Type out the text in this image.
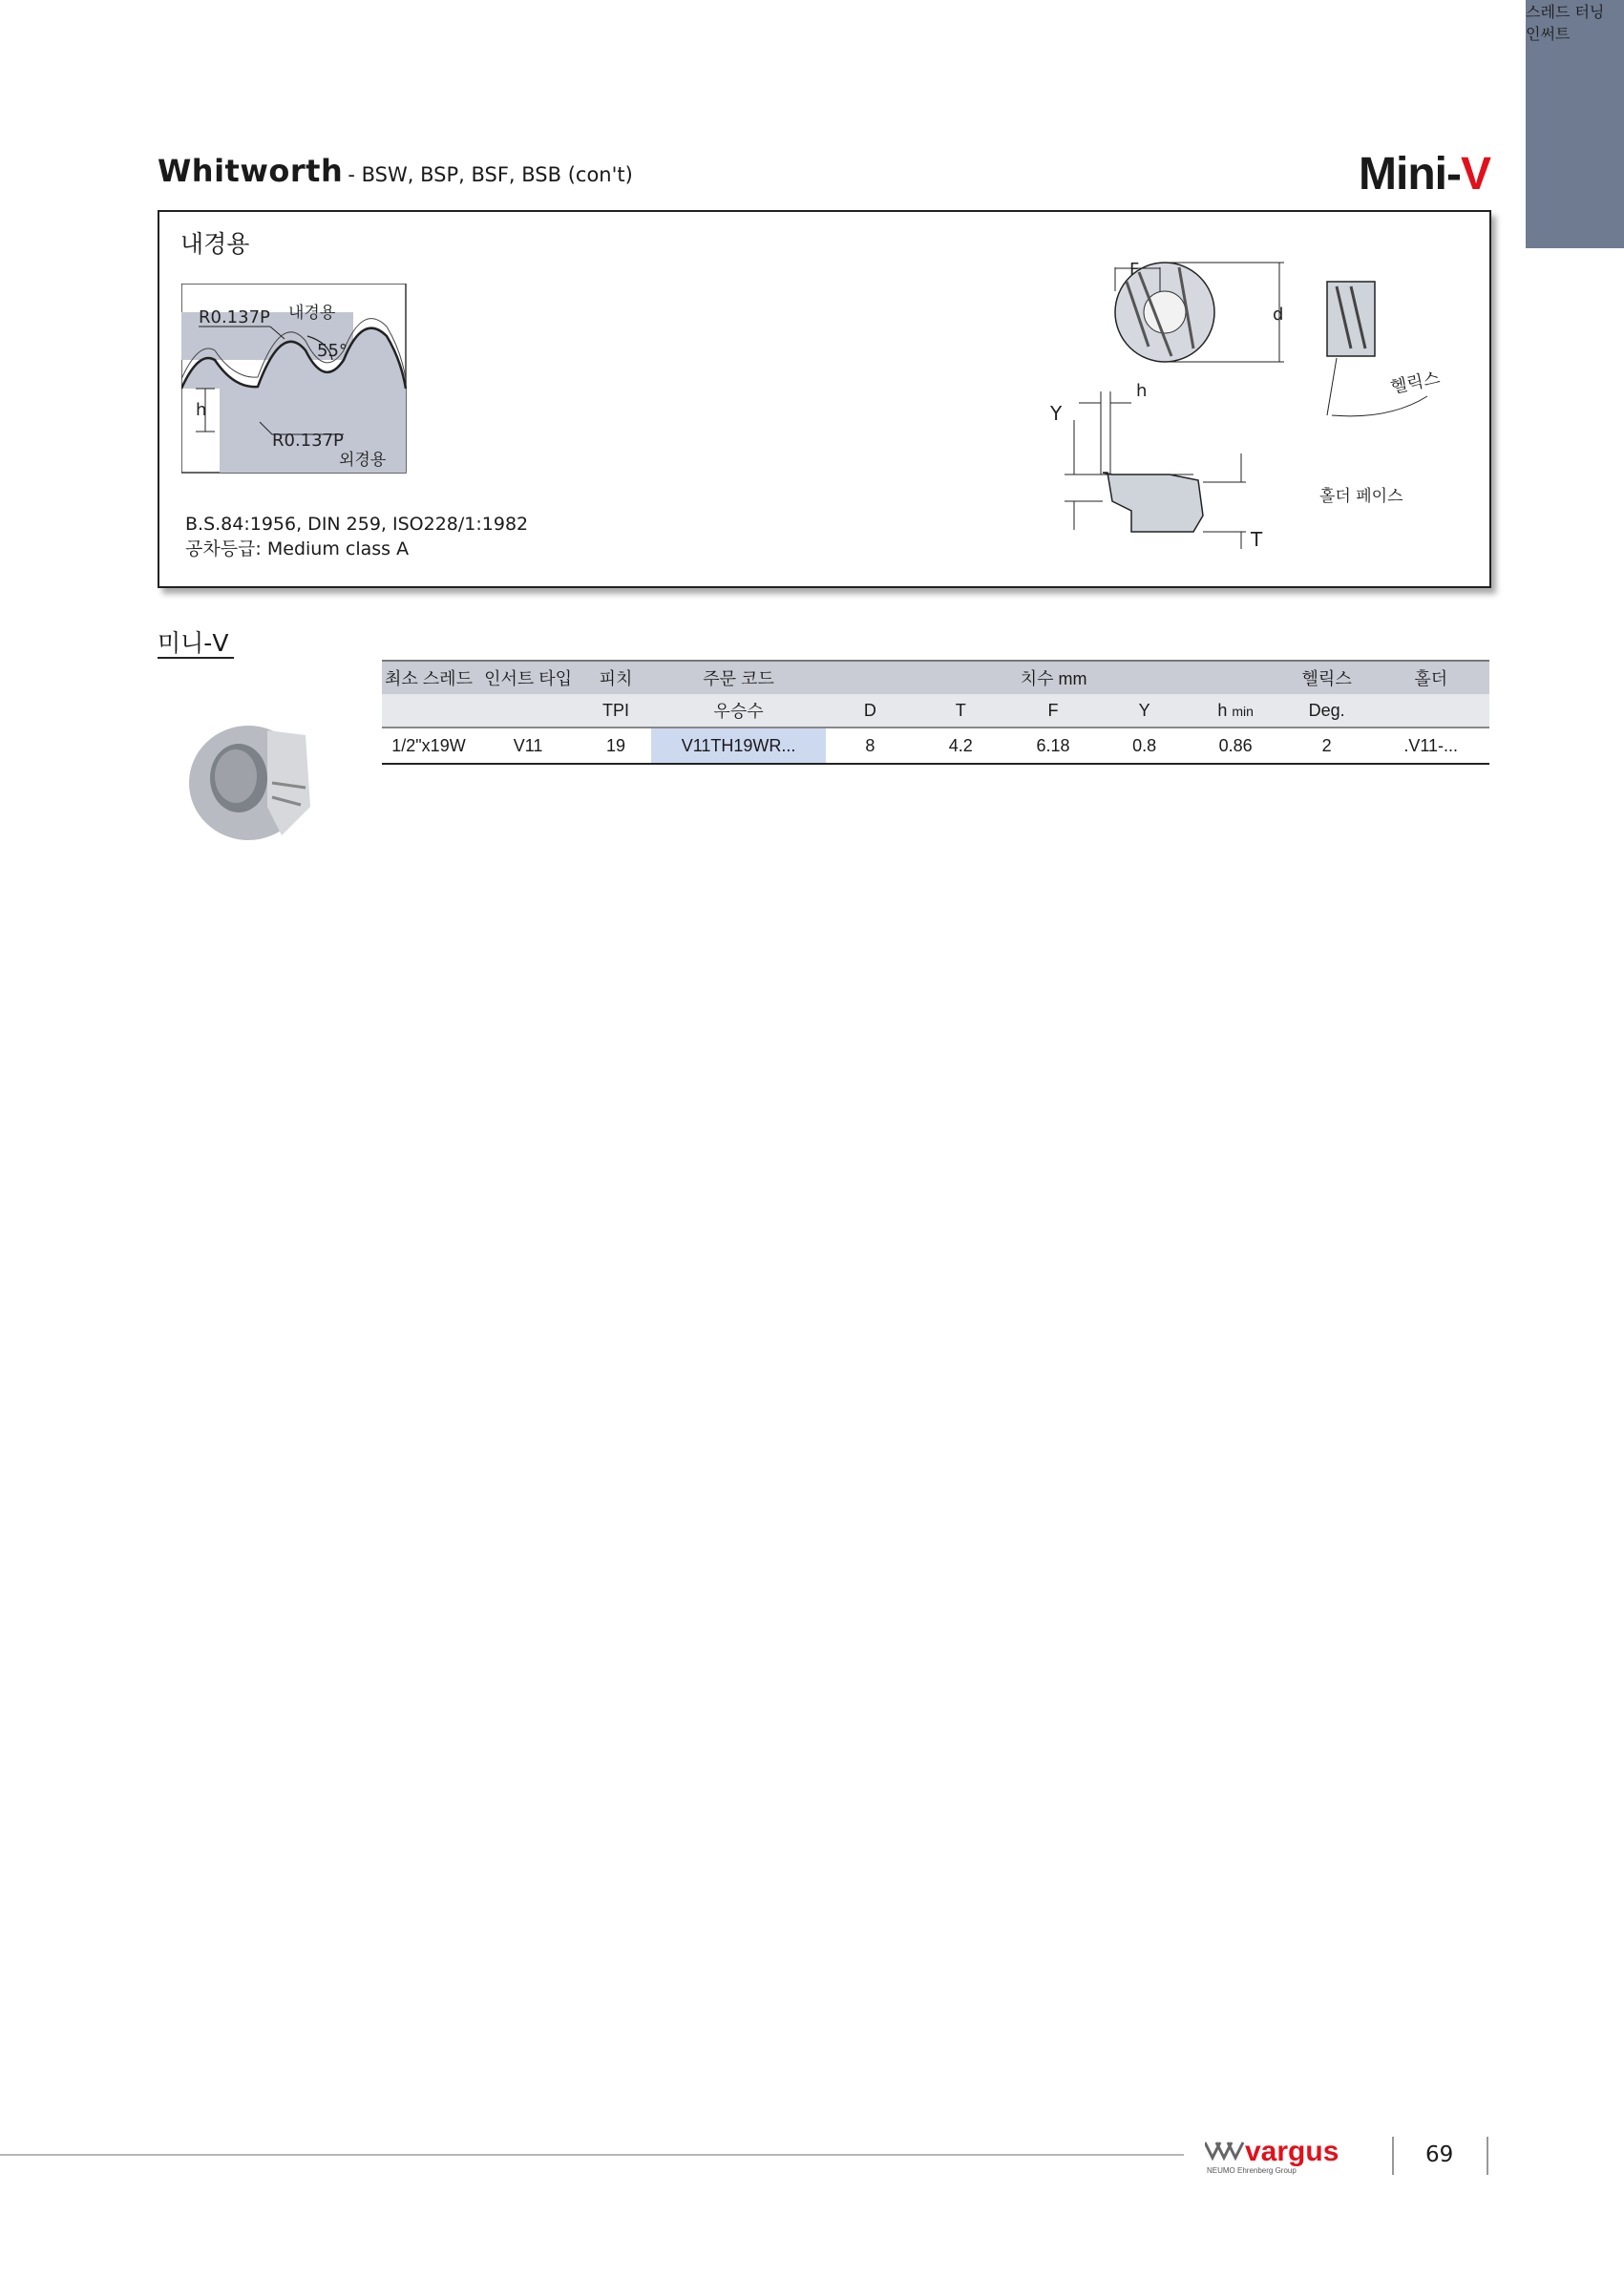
스레드 터닝
인써트
Whitworth - BSW, BSP, BSF, BSB (con't)	Mini-V
내경용
R0.137P 내경용
55°
h
R0.137P
외경용
B.S.84:1956, DIN 259, ISO228/1:1982
공차등급: Medium class A
F
d
헬릭스
Y
h
T
홀더 페이스
미니-V
최소 스레드	인서트 타입	피치	주문 코드	치수 mm					헬릭스	홀더
		TPI	우승수	D	T	F	Y	h min	Deg.	
1/2"x19W	V11	19	V11TH19WR...	8	4.2	6.18	0.8	0.86	2	.V11-...
vargus
NEUMO Ehrenberg Group
69
